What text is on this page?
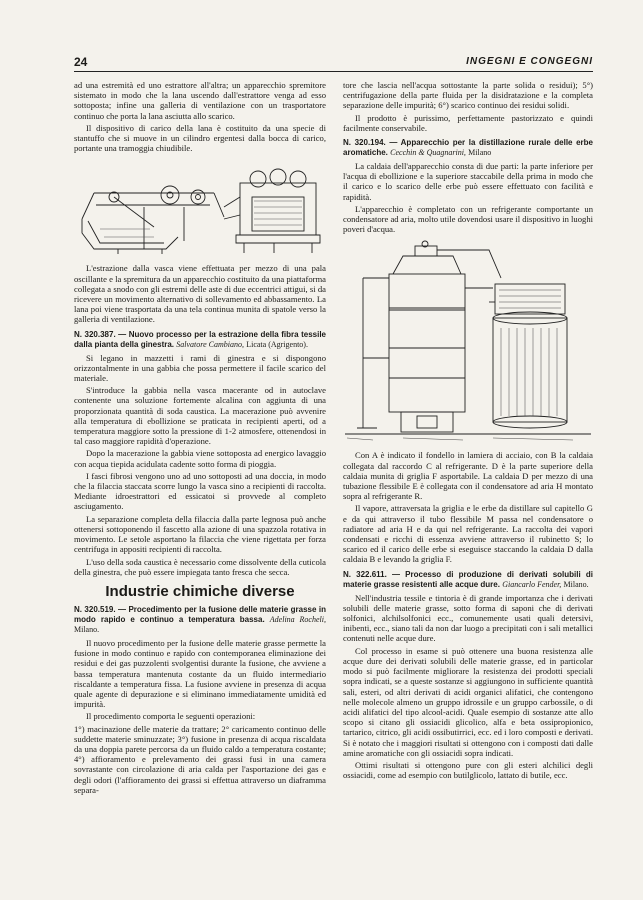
24	INGEGNI E CONGEGNI

ad una estremità ed uno estrattore all'altra; un apparecchio spremitore sistemato in modo che la lana uscendo dall'estrattore venga ad esso sottoposta; infine una galleria di ventilazione con un trasportatore continuo che porta la lana asciutta allo scarico.

Il dispositivo di carico della lana è costituito da una specie di stantuffo che si muove in un cilindro ergentesi dalla bocca di carico, portante una tramoggia chiudibile.

L'estrazione dalla vasca viene effettuata per mezzo di una pala oscillante e la spremitura da un apparecchio costituito da una piattaforma collegata a snodo con gli estremi delle aste di due eccentrici attigui, si da ricevere un movimento alternativo di sollevamento ed abbassamento. La lana poi viene trasportata da una tela continua munita di spatole verso la galleria di ventilazione.

N. 320.387. — Nuovo processo per la estrazione della fibra tessile dalla pianta della ginestra. Salvatore Cambiano, Licata (Agrigento).

Si legano in mazzetti i rami di ginestra e si dispongono orizzontalmente in una gabbia che possa permettere il facile scarico del materiale.

S'introduce la gabbia nella vasca macerante od in autoclave contenente una soluzione fortemente alcalina con aggiunta di una proporzionata quantità di soda caustica. La macerazione può avvenire alla temperatura di ebollizione se praticata in recipienti aperti, od a temperatura maggiore sotto la pressione di 1-2 atmosfere, ottenendosi in tal caso maggiore rapidità d'operazione.

Dopo la macerazione la gabbia viene sottoposta ad energico lavaggio con acqua tiepida acidulata cadente sotto forma di pioggia.

I fasci fibrosi vengono uno ad uno sottoposti ad una doccia, in modo che la filaccia staccata scorre lungo la vasca sino a recipienti di raccolta. Mediante idroestrattori ed essicatoi si provvede al completo asciugamento.

La separazione completa della filaccia dalla parte legnosa può anche ottenersi sottoponendo il fascetto alla azione di una spazzola rotativa in movimento. Le setole asportano la filaccia che viene rigettata per forza centrifuga in appositi recipienti di raccolta.

L'uso della soda caustica è necessario come dissolvente della cuticola della ginestra, che può essere impiegata tanto fresca che secca.

Industrie chimiche diverse
N. 320.519. — Procedimento per la fusione delle materie grasse in modo rapido e continuo a temperatura bassa. Adelina Rocheli, Milano.

Il nuovo procedimento per la fusione delle materie grasse permette la fusione in modo continuo e rapido con contemporanea eliminazione dei residui e dei gas puzzolenti svolgentisi durante la fusione, che avviene a bassa temperatura mantenuta costante da un fluido intermediario riscaldante a temperatura fissa. La fusione avviene in presenza di acqua quale agente di depurazione e si eliminano immediatamente umidità ed impurità.

Il procedimento comporta le seguenti operazioni:

1°) macinazione delle materie da trattare; 2° caricamento continuo delle suddette materie sminuzzate; 3°) fusione in presenza di acqua riscaldata da una doppia parete percorsa da un fluido caldo a temperatura costante; 4°) affioramento e prelevamento dei grassi fusi in una camera sovrastante con circolazione di aria calda per l'asportazione dei gas e degli odori (l'affioramento dei grassi si effettua attraverso un diaframma separa-

tore che lascia nell'acqua sottostante la parte solida o residui); 5°) centrifugazione della parte fluida per la disidratazione e la completa separazione delle impurità; 6°) scarico continuo dei residui solidi.

Il prodotto è purissimo, perfettamente pastorizzato e quindi facilmente conservabile.

N. 320.194. — Apparecchio per la distillazione rurale delle erbe aromatiche. Cecchin & Quagnarini, Milano

La caldaia dell'apparecchio consta di due parti: la parte inferiore per l'acqua di ebollizione e la superiore staccabile della prima in modo che il carico e lo scarico delle erbe può essere effettuato con facilità e rapidità.

L'apparecchio è completato con un refrigerante comportante un condensatore ad aria, molto utile dovendosi usare il dispositivo in luoghi poveri d'acqua.

Con A è indicato il fondello in lamiera di acciaio, con B la caldaia collegata dal raccordo C al refrigerante. D è la parte superiore della caldaia munita di griglia F asportabile. La caldaia D per mezzo di una tubazione flessibile E è collegata con il condensatore ad aria H montato sopra al refrigerante R.

Il vapore, attraversata la griglia e le erbe da distillare sul capitello G e da qui attraverso il tubo flessibile M passa nel condensatore o radiatore ad aria H e da qui nel refrigerante. La raccolta dei vapori condensati e ricchi di essenza avviene attraverso il rubinetto S; lo scarico ed il carico delle erbe si eseguisce staccando la caldaia D dalla caldaia B e levando la griglia F.

N. 322.611. — Processo di produzione di derivati solubili di materie grasse resistenti alle acque dure. Giancarlo Fender, Milano.

Nell'industria tessile e tintoria è di grande importanza che i derivati solubili delle materie grasse, sotto forma di saponi che di derivati solfonici, alchilsolfonici ecc., comunemente usati quali detersivi, inibenti, ecc., siano tali da non dar luogo a precipitati con i sali metallici contenuti nelle acque dure.

Col processo in esame si può ottenere una buona resistenza alle acque dure dei derivati solubili delle materie grasse, ed in particolar modo si può facilmente migliorare la resistenza dei prodotti speciali sopra indicati, se a queste sostanze si aggiungono in sufficiente quantità sali, esteri, od altri derivati di acidi organici alifatici, che contengono nelle molecole almeno un gruppo idrossile e un gruppo carbossile, o di acidi alifatici del tipo alcool-acidi. Quale esempio di sostanze atte allo scopo si citano gli ossiacidi glicolico, alfa e beta ossipropionico, tartarico, citrico, gli acidi ossibutirrici, ecc. ed i loro composti e derivati. Si è notato che i maggiori risultati si ottengono con i composti dati dalle amine aromatiche con gli ossiacidi sopra indicati.

Ottimi risultati si ottengono pure con gli esteri alchilici degli ossiacidi, come ad esempio con butilglicolo, lattato di butile, ecc.
